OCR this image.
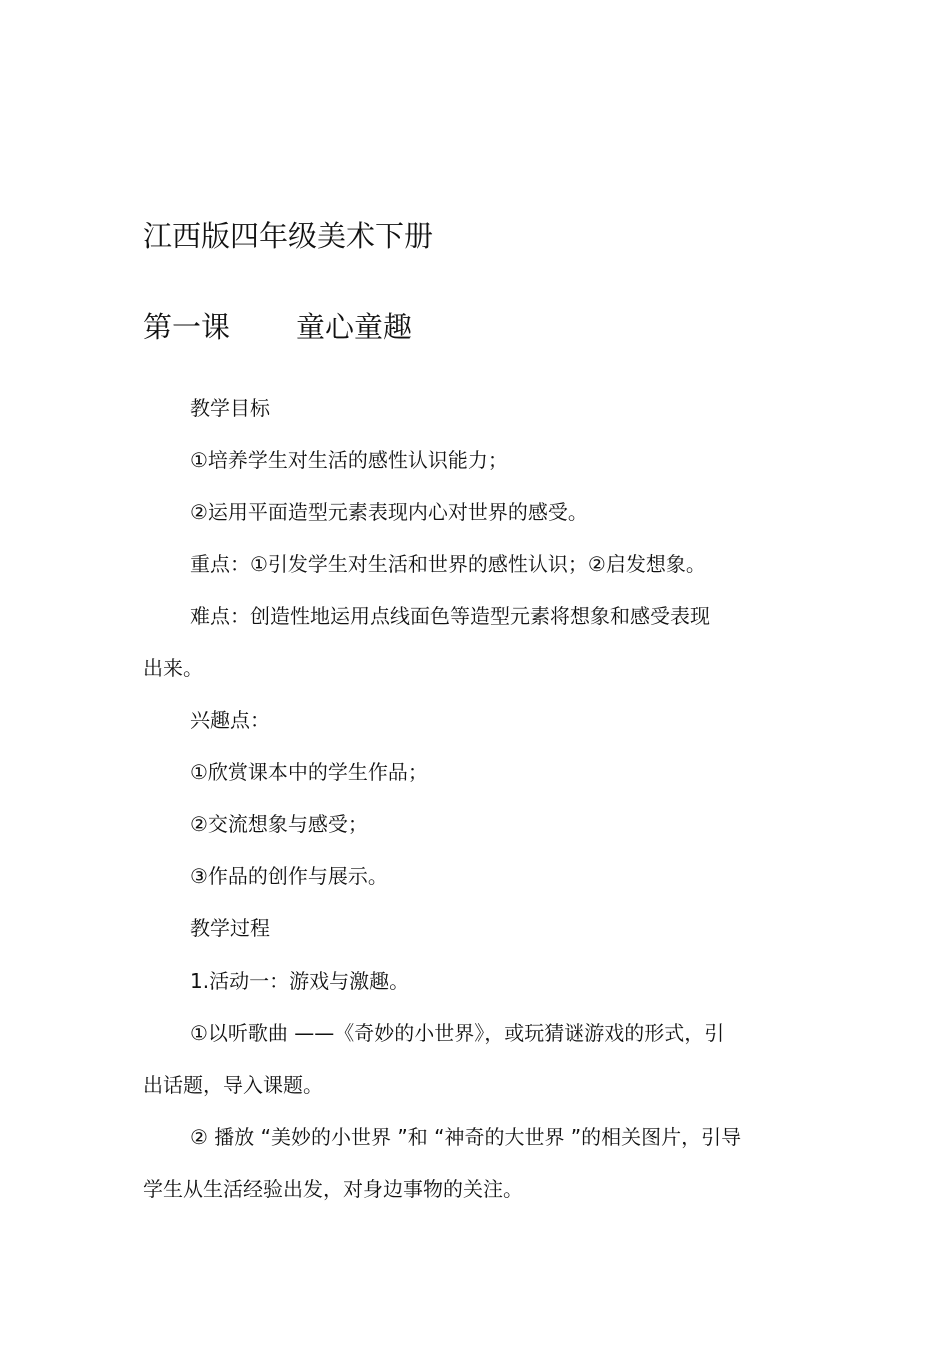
江西版四年级美术下册
第一课 童心童趣
教学目标
①培养学生对生活的感性认识能力；
②运用平面造型元素表现内心对世界的感受。
重点：①引发学生对生活和世界的感性认识；②启发想象。
难点：创造性地运用点线面色等造型元素将想象和感受表现
出来。
兴趣点：
①欣赏课本中的学生作品；
②交流想象与感受；
③作品的创作与展示。
教学过程
1.活动一：游戏与激趣。
①以听歌曲 ——《奇妙的小世界》，或玩猜谜游戏的形式，引
出话题，导入课题。
② 播放 “美妙的小世界 ”和 “神奇的大世界 ”的相关图片，引导
学生从生活经验出发，对身边事物的关注。
